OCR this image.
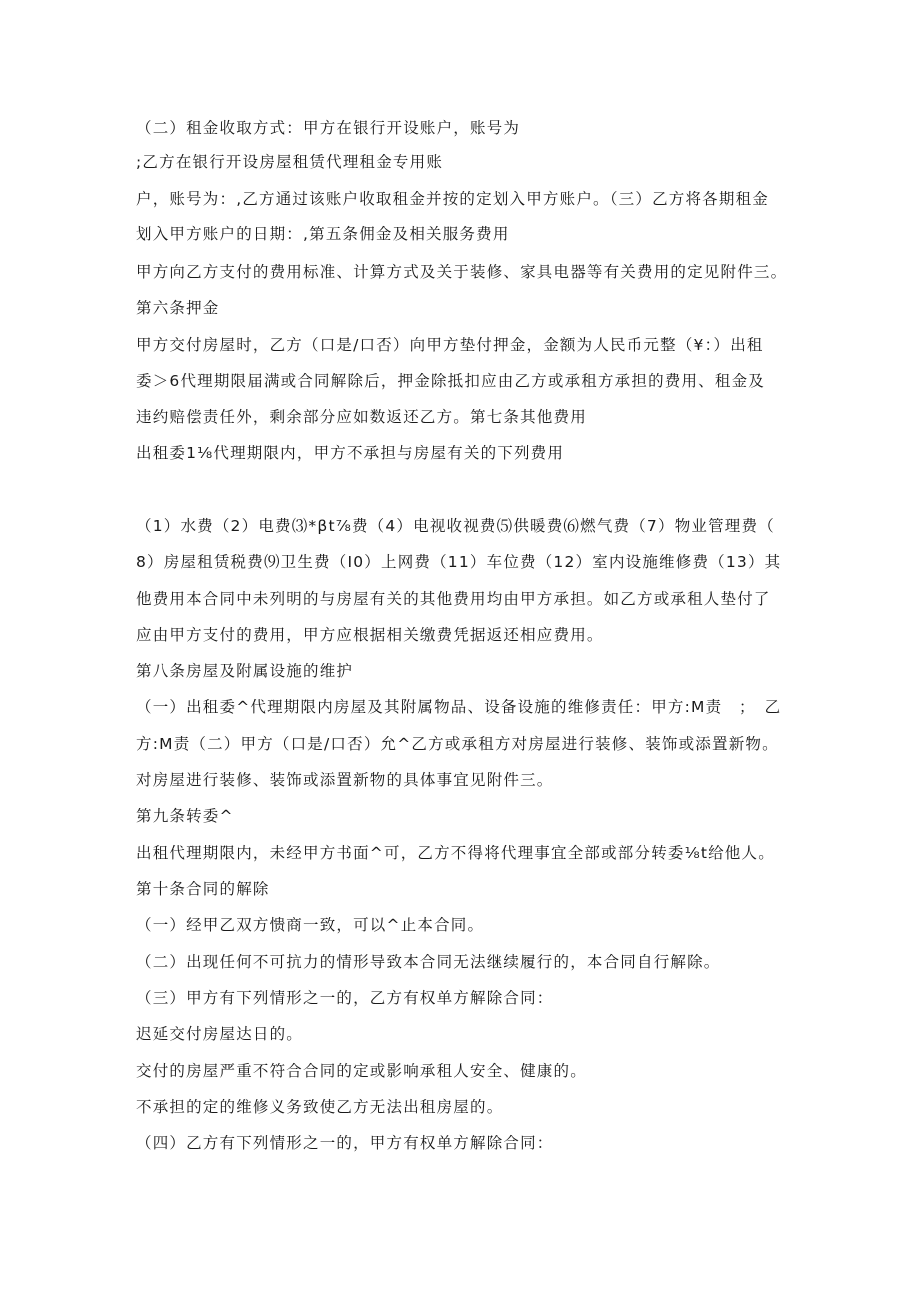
（二）租金收取方式：甲方在银行开设账户，账号为
;乙方在银行开设房屋租赁代理租金专用账
户，账号为：,乙方通过该账户收取租金并按的定划入甲方账户。（三）乙方将各期租金
划入甲方账户的日期：,第五条佣金及相关服务费用
甲方向乙方支付的费用标准、计算方式及关于装修、家具电器等有关费用的定见附件三。
第六条押金
甲方交付房屋时，乙方（口是/口否）向甲方垫付押金，金额为人民币元整（¥：）出租
委＞6代理期限届满或合同解除后，押金除抵扣应由乙方或承租方承担的费用、租金及
违约赔偿责任外，剩余部分应如数返还乙方。第七条其他费用
出租委1⅛代理期限内，甲方不承担与房屋有关的下列费用
（1）水费（2）电费⑶*βt⅞费（4）电视收视费⑸供暖费⑹燃气费（7）物业管理费（
8）房屋租赁税费⑼卫生费（I0）上网费（11）车位费（12）室内设施维修费（13）其
他费用本合同中未列明的与房屋有关的其他费用均由甲方承担。如乙方或承租人垫付了
应由甲方支付的费用，甲方应根据相关缴费凭据返还相应费用。
第八条房屋及附属设施的维护
（一）出租委^代理期限内房屋及其附属物品、设备设施的维修责任：甲方:M责　；　乙
方:M责（二）甲方（口是/口否）允^乙方或承租方对房屋进行装修、装饰或添置新物。
对房屋进行装修、装饰或添置新物的具体事宜见附件三。
第九条转委^
出租代理期限内，未经甲方书面^可，乙方不得将代理事宜全部或部分转委⅛t给他人。
第十条合同的解除
（一）经甲乙双方愦商一致，可以^止本合同。
（二）出现任何不可抗力的情形导致本合同无法继续履行的，本合同自行解除。
（三）甲方有下列情形之一的，乙方有权单方解除合同：
迟延交付房屋达日的。
交付的房屋严重不符合合同的定或影响承租人安全、健康的。
不承担的定的维修义务致使乙方无法出租房屋的。
（四）乙方有下列情形之一的，甲方有权单方解除合同：
